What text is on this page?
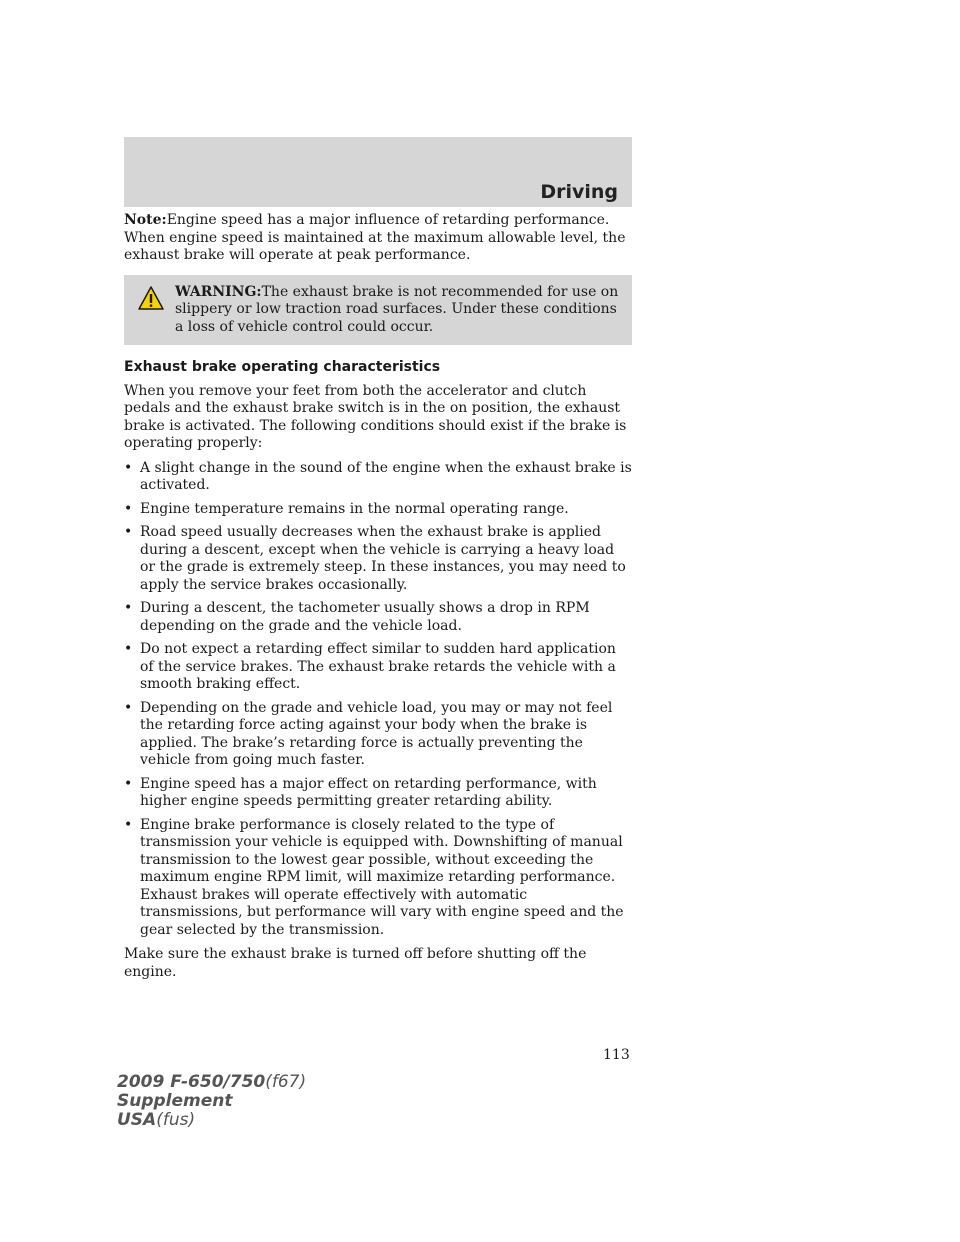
Driving

Note:Engine speed has a major influence of retarding performance. When engine speed is maintained at the maximum allowable level, the exhaust brake will operate at peak performance.

WARNING:The exhaust brake is not recommended for use on
slippery or low traction road surfaces. Under these conditions a loss of vehicle control could occur.
Exhaust brake operating characteristics

When you remove your feet from both the accelerator and clutch pedals and the exhaust brake switch is in the on position, the exhaust brake is activated. The following conditions should exist if the brake is operating properly:

• A slight change in the sound of the engine when the exhaust brake is activated.
• Engine temperature remains in the normal operating range.
• Road speed usually decreases when the exhaust brake is applied during a descent, except when the vehicle is carrying a heavy load or the grade is extremely steep. In these instances, you may need to apply the service brakes occasionally.
• During a descent, the tachometer usually shows a drop in RPM depending on the grade and the vehicle load.
• Do not expect a retarding effect similar to sudden hard application of the service brakes. The exhaust brake retards the vehicle with a smooth braking effect.
• Depending on the grade and vehicle load, you may or may not feel the retarding force acting against your body when the brake is applied. The brake’s retarding force is actually preventing the vehicle from going much faster.
• Engine speed has a major effect on retarding performance, with higher engine speeds permitting greater retarding ability.
• Engine brake performance is closely related to the type of transmission your vehicle is equipped with. Downshifting of manual transmission to the lowest gear possible, without exceeding the maximum engine RPM limit, will maximize retarding performance. Exhaust brakes will operate effectively with automatic transmissions, but performance will vary with engine speed and the gear selected by the transmission.

Make sure the exhaust brake is turned off before shutting off the engine.

113
2009 F-650/750(f67)
Supplement
USA(fus)
